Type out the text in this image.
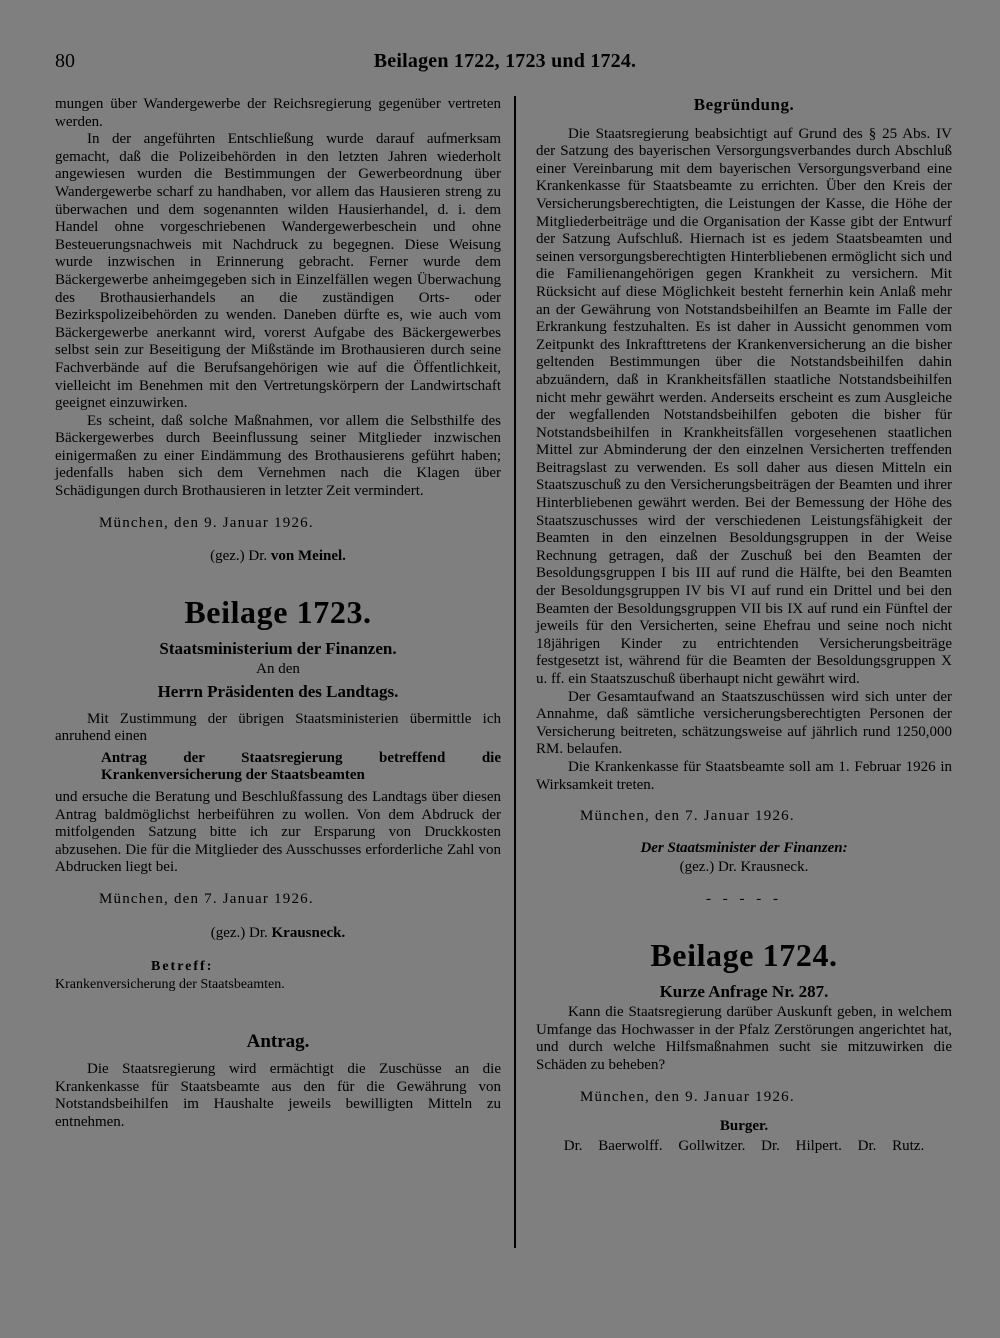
80	Beilagen 1722, 1723 und 1724.

mungen über Wandergewerbe der Reichsregierung gegenüber vertreten werden.

In der angeführten Entschließung wurde darauf aufmerksam gemacht, daß die Polizeibehörden in den letzten Jahren wiederholt angewiesen wurden die Bestimmungen der Gewerbeordnung über Wandergewerbe scharf zu handhaben, vor allem das Hausieren streng zu überwachen und dem sogenannten wilden Hausierhandel, d. i. dem Handel ohne vorgeschriebenen Wandergewerbeschein und ohne Besteuerungsnachweis mit Nachdruck zu begegnen. Diese Weisung wurde inzwischen in Erinnerung gebracht. Ferner wurde dem Bäckergewerbe anheimgegeben sich in Einzelfällen wegen Überwachung des Brothausierhandels an die zuständigen Orts- oder Bezirkspolizeibehörden zu wenden. Daneben dürfte es, wie auch vom Bäckergewerbe anerkannt wird, vorerst Aufgabe des Bäckergewerbes selbst sein zur Beseitigung der Mißstände im Brothausieren durch seine Fachverbände auf die Berufsangehörigen wie auf die Öffentlichkeit, vielleicht im Benehmen mit den Vertretungskörpern der Landwirtschaft geeignet einzuwirken.

Es scheint, daß solche Maßnahmen, vor allem die Selbsthilfe des Bäckergewerbes durch Beeinflussung seiner Mitglieder inzwischen einigermaßen zu einer Eindämmung des Brothausierens geführt haben; jedenfalls haben sich dem Vernehmen nach die Klagen über Schädigungen durch Brothausieren in letzter Zeit vermindert.

München, den 9. Januar 1926.

(gez.) Dr. von Meinel.

Beilage 1723.
Staatsministerium der Finanzen.
An den
Herrn Präsidenten des Landtags.

Mit Zustimmung der übrigen Staatsministerien übermittle ich anruhend einen

Antrag der Staatsregierung betreffend die Krankenversicherung der Staatsbeamten

und ersuche die Beratung und Beschlußfassung des Landtags über diesen Antrag baldmöglichst herbeiführen zu wollen. Von dem Abdruck der mitfolgenden Satzung bitte ich zur Ersparung von Druckkosten abzusehen. Die für die Mitglieder des Ausschusses erforderliche Zahl von Abdrucken liegt bei.

München, den 7. Januar 1926.

(gez.) Dr. Krausneck.

Betreff:

Krankenversicherung der Staatsbeamten.

Antrag.

Die Staatsregierung wird ermächtigt die Zuschüsse an die Krankenkasse für Staatsbeamte aus den für die Gewährung von Notstandsbeihilfen im Haushalte jeweils bewilligten Mitteln zu entnehmen.

Begründung.

Die Staatsregierung beabsichtigt auf Grund des § 25 Abs. IV der Satzung des bayerischen Versorgungsverbandes durch Abschluß einer Vereinbarung mit dem bayerischen Versorgungsverband eine Krankenkasse für Staatsbeamte zu errichten. Über den Kreis der Versicherungsberechtigten, die Leistungen der Kasse, die Höhe der Mitgliederbeiträge und die Organisation der Kasse gibt der Entwurf der Satzung Aufschluß. Hiernach ist es jedem Staatsbeamten und seinen versorgungsberechtigten Hinterbliebenen ermöglicht sich und die Familienangehörigen gegen Krankheit zu versichern. Mit Rücksicht auf diese Möglichkeit besteht fernerhin kein Anlaß mehr an der Gewährung von Notstandsbeihilfen an Beamte im Falle der Erkrankung festzuhalten. Es ist daher in Aussicht genommen vom Zeitpunkt des Inkrafttretens der Krankenversicherung an die bisher geltenden Bestimmungen über die Notstandsbeihilfen dahin abzuändern, daß in Krankheitsfällen staatliche Notstandsbeihilfen nicht mehr gewährt werden. Anderseits erscheint es zum Ausgleiche der wegfallenden Notstandsbeihilfen geboten die bisher für Notstandsbeihilfen in Krankheitsfällen vorgesehenen staatlichen Mittel zur Abminderung der den einzelnen Versicherten treffenden Beitragslast zu verwenden. Es soll daher aus diesen Mitteln ein Staatszuschuß zu den Versicherungsbeiträgen der Beamten und ihrer Hinterbliebenen gewährt werden. Bei der Bemessung der Höhe des Staatszuschusses wird der verschiedenen Leistungsfähigkeit der Beamten in den einzelnen Besoldungsgruppen in der Weise Rechnung getragen, daß der Zuschuß bei den Beamten der Besoldungsgruppen I bis III auf rund die Hälfte, bei den Beamten der Besoldungsgruppen IV bis VI auf rund ein Drittel und bei den Beamten der Besoldungsgruppen VII bis IX auf rund ein Fünftel der jeweils für den Versicherten, seine Ehefrau und seine noch nicht 18jährigen Kinder zu entrichtenden Versicherungsbeiträge festgesetzt ist, während für die Beamten der Besoldungsgruppen X u. ff. ein Staatszuschuß überhaupt nicht gewährt wird.

Der Gesamtaufwand an Staatszuschüssen wird sich unter der Annahme, daß sämtliche versicherungsberechtigten Personen der Versicherung beitreten, schätzungsweise auf jährlich rund 1250,000 RM. belaufen.

Die Krankenkasse für Staatsbeamte soll am 1. Februar 1926 in Wirksamkeit treten.

München, den 7. Januar 1926.

Der Staatsminister der Finanzen:

(gez.) Dr. Krausneck.

- - - - -

Beilage 1724.
Kurze Anfrage Nr. 287.

Kann die Staatsregierung darüber Auskunft geben, in welchem Umfange das Hochwasser in der Pfalz Zerstörungen angerichtet hat, und durch welche Hilfsmaßnahmen sucht sie mitzuwirken die Schäden zu beheben?

München, den 9. Januar 1926.

Burger.

Dr. Baerwolff. Gollwitzer. Dr. Hilpert. Dr. Rutz.
